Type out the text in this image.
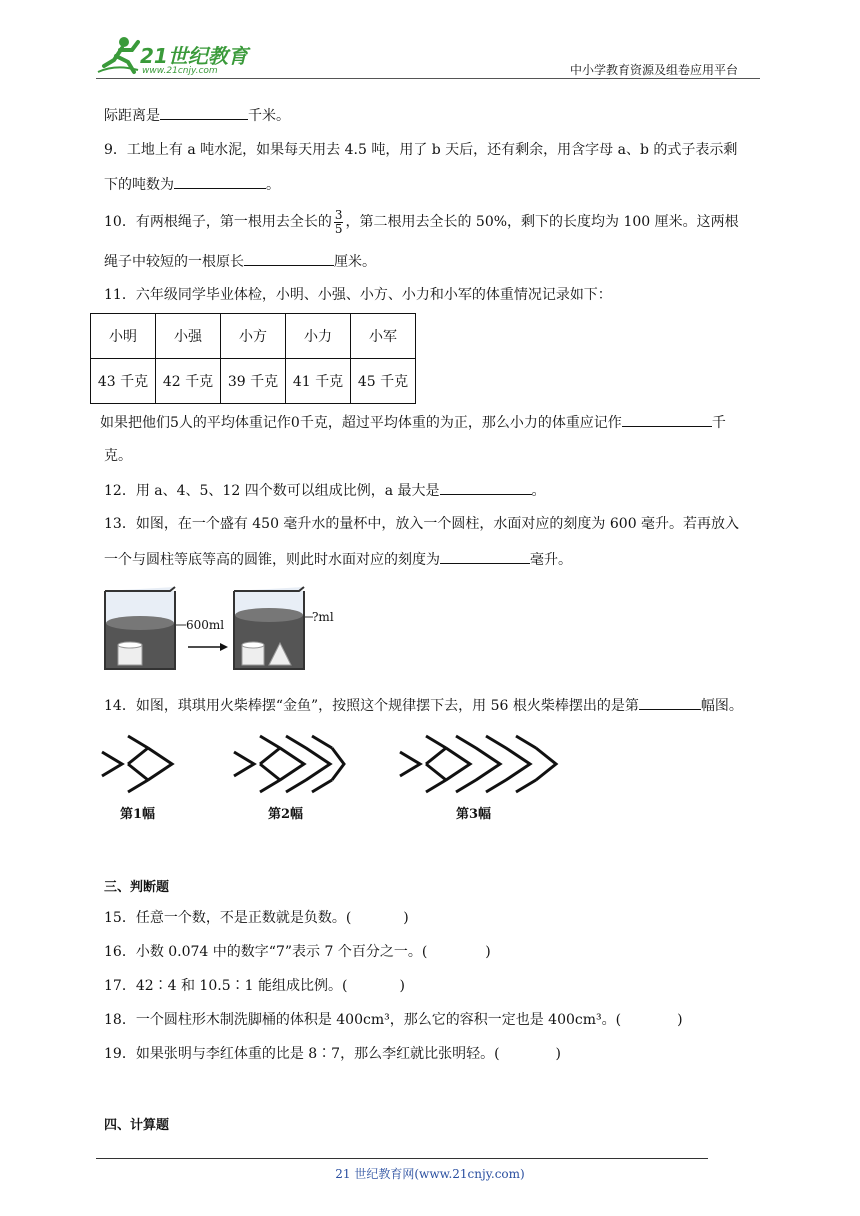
21世纪教育
www.21cnjy.com	中小学教育资源及组卷应用平台
际距离是	千米。
9．工地上有 a 吨水泥，如果每天用去 4.5 吨，用了 b 天后，还有剩余，用含字母 a、b 的式子表示剩
下的吨数为	。
10．有两根绳子，第一根用去全长的 $\frac{3}{5}$ ，第二根用去全长的 50%，剩下的长度均为 100 厘米。这两根
绳子中较短的一根原长	厘米。
11．六年级同学毕业体检，小明、小强、小方、小力和小军的体重情况记录如下：
小明	小强	小方	小力	小军
43 千克	42 千克	39 千克	41 千克	45 千克
如果把他们5人的平均体重记作0千克，超过平均体重的为正，那么小力的体重应记作	千
克。
12．用 a、4、5、12 四个数可以组成比例，a 最大是	。
13．如图，在一个盛有 450 毫升水的量杯中，放入一个圆柱，水面对应的刻度为 600 毫升。若再放入
一个与圆柱等底等高的圆锥，则此时水面对应的刻度为	毫升。
600ml
?ml
14．如图，琪琪用火柴棒摆“金鱼”，按照这个规律摆下去，用 56 根火柴棒摆出的是第	幅图。
第1幅	第2幅	第3幅
三、判断题
15．任意一个数，不是正数就是负数。(	)
16．小数 0.074 中的数字“7”表示 7 个百分之一。(	)
17．42∶4 和 10.5∶1 能组成比例。(	)
18．一个圆柱形木制洗脚桶的体积是 400cm³，那么它的容积一定也是 400cm³。(	)
19．如果张明与李红体重的比是 8∶7，那么李红就比张明轻。(	)
四、计算题
21 世纪教育网(www.21cnjy.com)
